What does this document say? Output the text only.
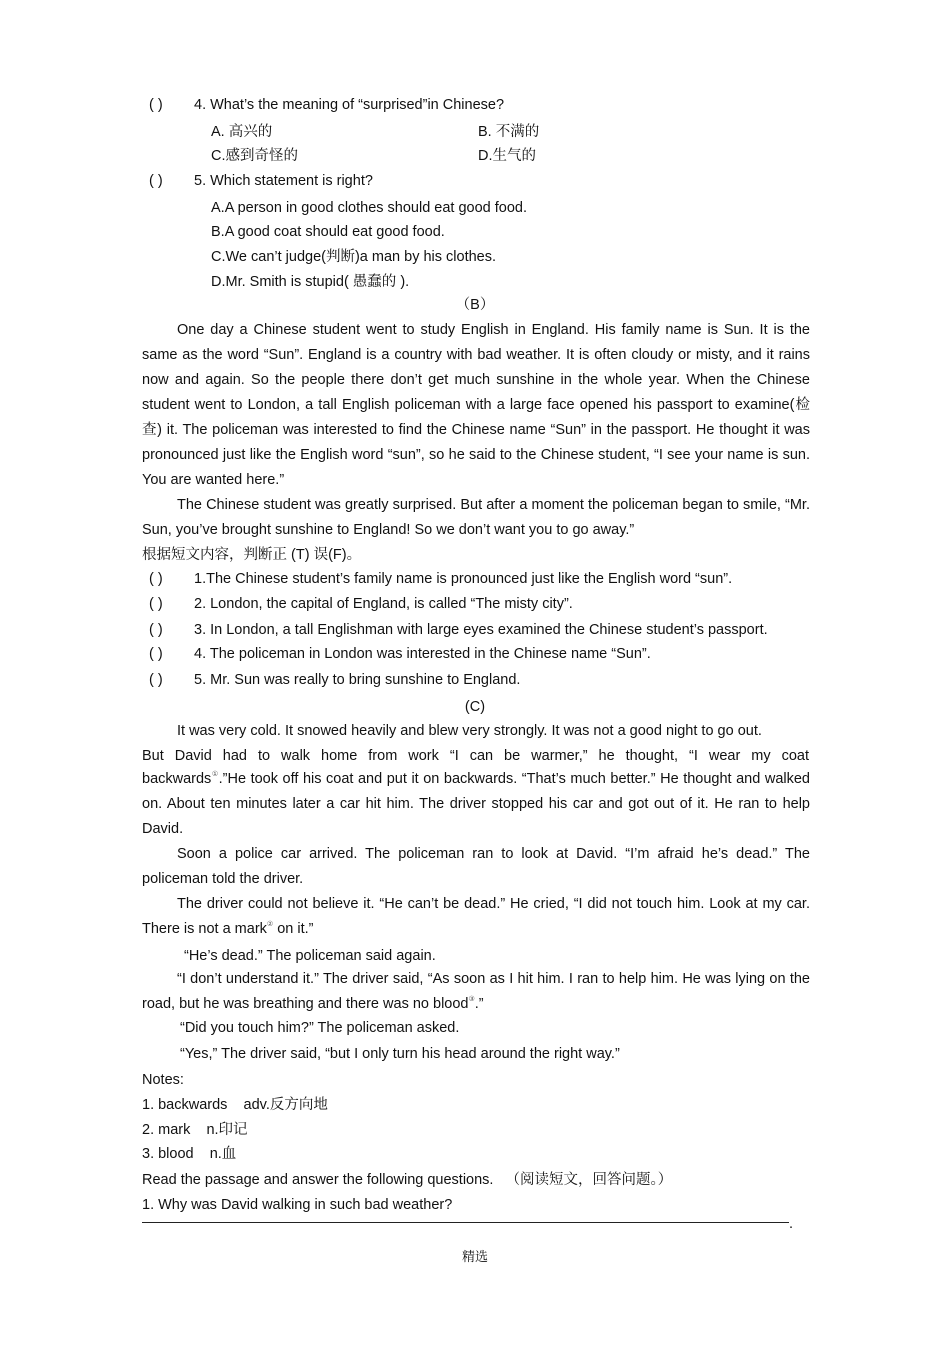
( ) 4. What’s the meaning of “surprised”in Chinese?
A. 高兴的	B. 不满的
C.感到奇怪的	D.生气的
( ) 5. Which statement is right?
A.A person in good clothes should eat good food.
B.A good coat should eat good food.
C.We can’t judge(判断)a man by his clothes.
D.Mr. Smith is stupid( 愚蠢的 ).
（B）
One day a Chinese student went to study English in England. His family name is Sun. It is the same as the word “Sun”. England is a country with bad weather. It is often cloudy or misty, and it rains now and again. So the people there don’t get much sunshine in the whole year. When the Chinese student went to London, a tall English policeman with a large face opened his passport to examine(检查) it. The policeman was interested to find the Chinese name “Sun” in the passport. He thought it was pronounced just like the English word “sun”, so he said to the Chinese student, “I see your name is sun. You are wanted here.”
The Chinese student was greatly surprised. But after a moment the policeman began to smile, “Mr. Sun, you’ve brought sunshine to England! So we don’t want you to go away.”
根据短文内容，判断正 (T) 误(F)。
( ) 1.The Chinese student’s family name is pronounced just like the English word “sun”.
( ) 2. London, the capital of England, is called “The misty city”.
( ) 3. In London, a tall Englishman with large eyes examined the Chinese student’s passport.
( ) 4. The policeman in London was interested in the Chinese name “Sun”.
( ) 5. Mr. Sun was really to bring sunshine to England.
(C)
It was very cold. It snowed heavily and blew very strongly. It was not a good night to go out.
But David had to walk home from work “I can be warmer,” he thought, “I wear my coat
backwards①.”He took off his coat and put it on backwards. “That’s much better.” He thought and walked on. About ten minutes later a car hit him. The driver stopped his car and got out of it. He ran to help David.
Soon a police car arrived. The policeman ran to look at David. “I’m afraid he’s dead.” The policeman told the driver.
The driver could not believe it. “He can’t be dead.” He cried, “I did not touch him. Look at my car. There is not a mark② on it.”
“He’s dead.” The policeman said again.
“I don’t understand it.” The driver said, “As soon as I hit him. I ran to help him. He was lying on the road, but he was breathing and there was no blood③.”
“Did you touch him?” The policeman asked.
“Yes,” The driver said, “but I only turn his head around the right way.”
Notes:
1. backwards    adv.反方向地
2. mark    n.印记
3. blood    n.血
Read the passage and answer the following questions.   （阅读短文，回答问题。）
1. Why was David walking in such bad weather?
.
精选
